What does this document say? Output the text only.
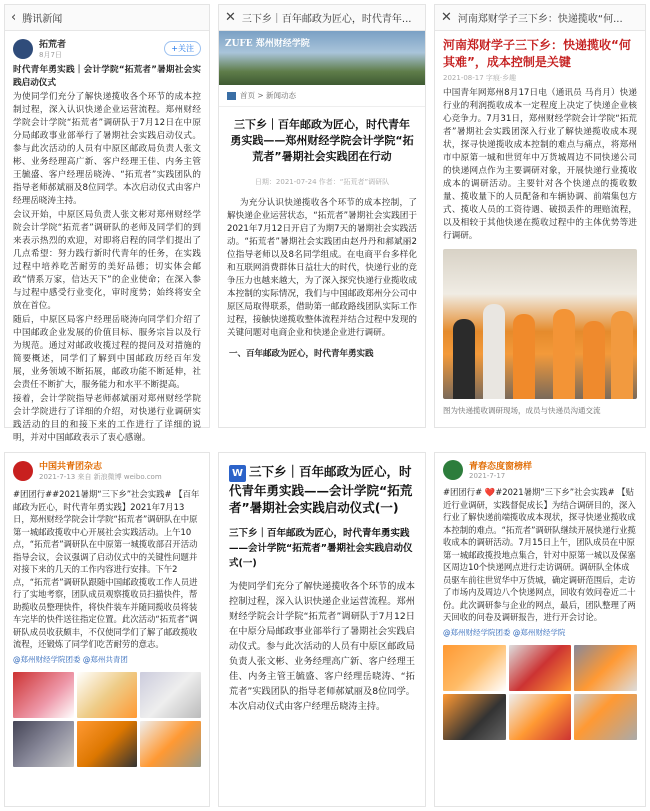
‹ 腾讯新闻
拓荒者
8月7日
+关注

时代青年勇实践｜会计学院“拓荒者”暑期社会实践启动仪式

为使同学们充分了解快递揽收各个环节的成本控制过程，深入认识快递企业运营流程。郑州财经学院会计学院“拓荒者”调研队于7月12日在中原分局邮政事业部举行了暑期社会实践启动仪式。参与此次活动的人员有中原区邮政局负责人张文彬、业务经理高广新、客户经理王佳、内务主管王毓盛、客户经理岳晓涛、“拓荒者”实践团队的指导老师郝斌丽及8位同学。本次启动仪式由客户经理岳晓涛主持。

会议开始，中原区局负责人张文彬对郑州财经学院会计学院“拓荒者”调研队的老师及同学们的到来表示热烈的欢迎，对即将启程的同学们提出了几点希望：努力践行新时代青年的任务，在实践过程中培养吃苦耐劳的美好品德；切实体会邮政“情系万家，信达天下”的企业使命；在深入参与过程中感受行业变化，审时度势；始终将安全放在首位。

随后，中原区局客户经理岳晓涛向同学们介绍了中国邮政企业发展的价值目标、服务宗旨以及行为规范。通过对邮政收揽过程的提问及对措施的简要概述，同学们了解到中国邮政历经百年发展，业务领域不断拓展，邮政功能不断延伸，社会责任不断扩大，服务能力和水平不断提高。

接着，会计学院指导老师郝斌丽对郑州财经学院会计学院进行了详细的介绍，对快递行业调研实践活动的目的和接下来的工作进行了详细的说明，并对中国邮政表示了衷心感谢。

✕ 三下乡｜百年邮政为匠心，时代青年...
ZUFE 郑州财经学院
首页 > 新闻动态
三下乡｜百年邮政为匠心，时代青年勇实践——郑州财经学院会计学院“拓荒者”暑期社会实践团在行动
日期：2021-07-24 作者：“拓荒者”调研队

为充分认识快递揽收各个环节的成本控制，了解快递企业运营状态，“拓荒者”暑期社会实践团于2021年7月12日开启了为期7天的暑期社会实践活动。“拓荒者”暑期社会实践团由赵丹丹和郝斌丽2位指导老师以及8名同学组成。在电商平台多样化和互联网消费群体日益壮大的时代，快递行业的竞争压力也越来越大，为了深入探究快递行业揽收成本控制的实际情况，我们与中国邮政郑州分公司中原区局取得联系，借助第一邮政路线团队实际工作过程，接触快递揽收整体流程并结合过程中发现的关键问题对电商企业和快递企业进行调研。

一、百年邮政为匠心，时代青年勇实践
✕ 河南郑财学子三下乡：快递揽收“何...
河南郑财学子三下乡：快递揽收“何其难”，成本控制是关键
2021-08-17 字痕·乡趣

中国青年网郑州8月17日电（通讯员 马肖月）快递行业的利润揽收成本一定程度上决定了快递企业核心竞争力。7月31日，郑州财经学院会计学院“拓荒者”暑期社会实践团深入行业了解快递揽收成本现状，探寻快递揽收成本控制的难点与痛点，将郑州市中原第一城和世贸年中万货城周边不同快递公司的快递网点作为主要调研对象，开展快递行业揽收成本的调研活动。主要针对各个快递点的揽收数量、揽收量下的人员配备和车辆协调、前端集包方式、揽收人员的工资待遇、破损丢件的理赔流程，以及相较于其他快递在揽收过程中的主体优势等进行调研。

图为快递揽收调研现场，成员与快递员沟通交流
中国共青团杂志
2021-7-13 来自 新浪微博 weibo.com
#团团行##2021暑期“三下乡”社会实践# 【百年邮政为匠心，时代青年勇实践】2021年7月13日，郑州财经学院会计学院“拓荒者”调研队在中原第一城邮政揽收中心开展社会实践活动。上午10点，“拓荒者”调研队在中原第一城揽收部召开活动指导会议，会议强调了启动仪式中的关键性问题并对接下来的几天的工作内容进行安排。下午2点，“拓荒者”调研队跟随中国邮政揽收工作人员进行了实地考察，团队成员观察揽收员扫描快件，帮助揽收员整理快件，将快件装车并随同揽收员将装车完毕的快件送往指定位置。此次活动“拓荒者”调研队成员收获颇丰，不仅使同学们了解了邮政揽收流程，还锻炼了同学们吃苦耐劳的意志。
@郑州财经学院团委 @郑州共青团
W 三下乡｜百年邮政为匠心，时代青年勇实践——会计学院“拓荒者”暑期社会实践启动仪式(一)
三下乡｜百年邮政为匠心，时代青年勇实践——会计学院“拓荒者”暑期社会实践启动仪式(一)

为使同学们充分了解快递揽收各个环节的成本控制过程，深入认识快递企业运营流程。郑州财经学院会计学院“拓荒者”调研队于7月12日在中原分局邮政事业部举行了暑期社会实践启动仪式。参与此次活动的人员有中原区邮政局负责人张文彬、业务经理高广新、客户经理王佳、内务主管王毓盛、客户经理岳晓涛、“拓荒者”实践团队的指导老师郝斌丽及8位同学。本次启动仪式由客户经理岳晓涛主持。

青春态度窗榜样
2021-7-17
#团团行# ❤️#2021暑期“三下乡”社会实践# 【贴近行业调研，实践督促成长】为结合调研目的，深入行业了解快递前端揽收成本现状，探寻快递业揽收成本控制的难点。“拓荒者”调研队继续开展快递行业揽收成本的调研活动。7月15日上午，团队成员在中原第一城邮政揽投地点集合，针对中原第一城以及保塞区周边10个快递网点进行走访调研。调研队全体成员驱车前往世贸华中万货城，确定调研范围后，走访了市场内及周边八个快递网点，回收有效问卷近二十份。此次调研参与企业的网点，最后，团队整理了两天回收的问卷及调研报告，进行开会讨论。
@郑州财经学院团委 @郑州财经学院
